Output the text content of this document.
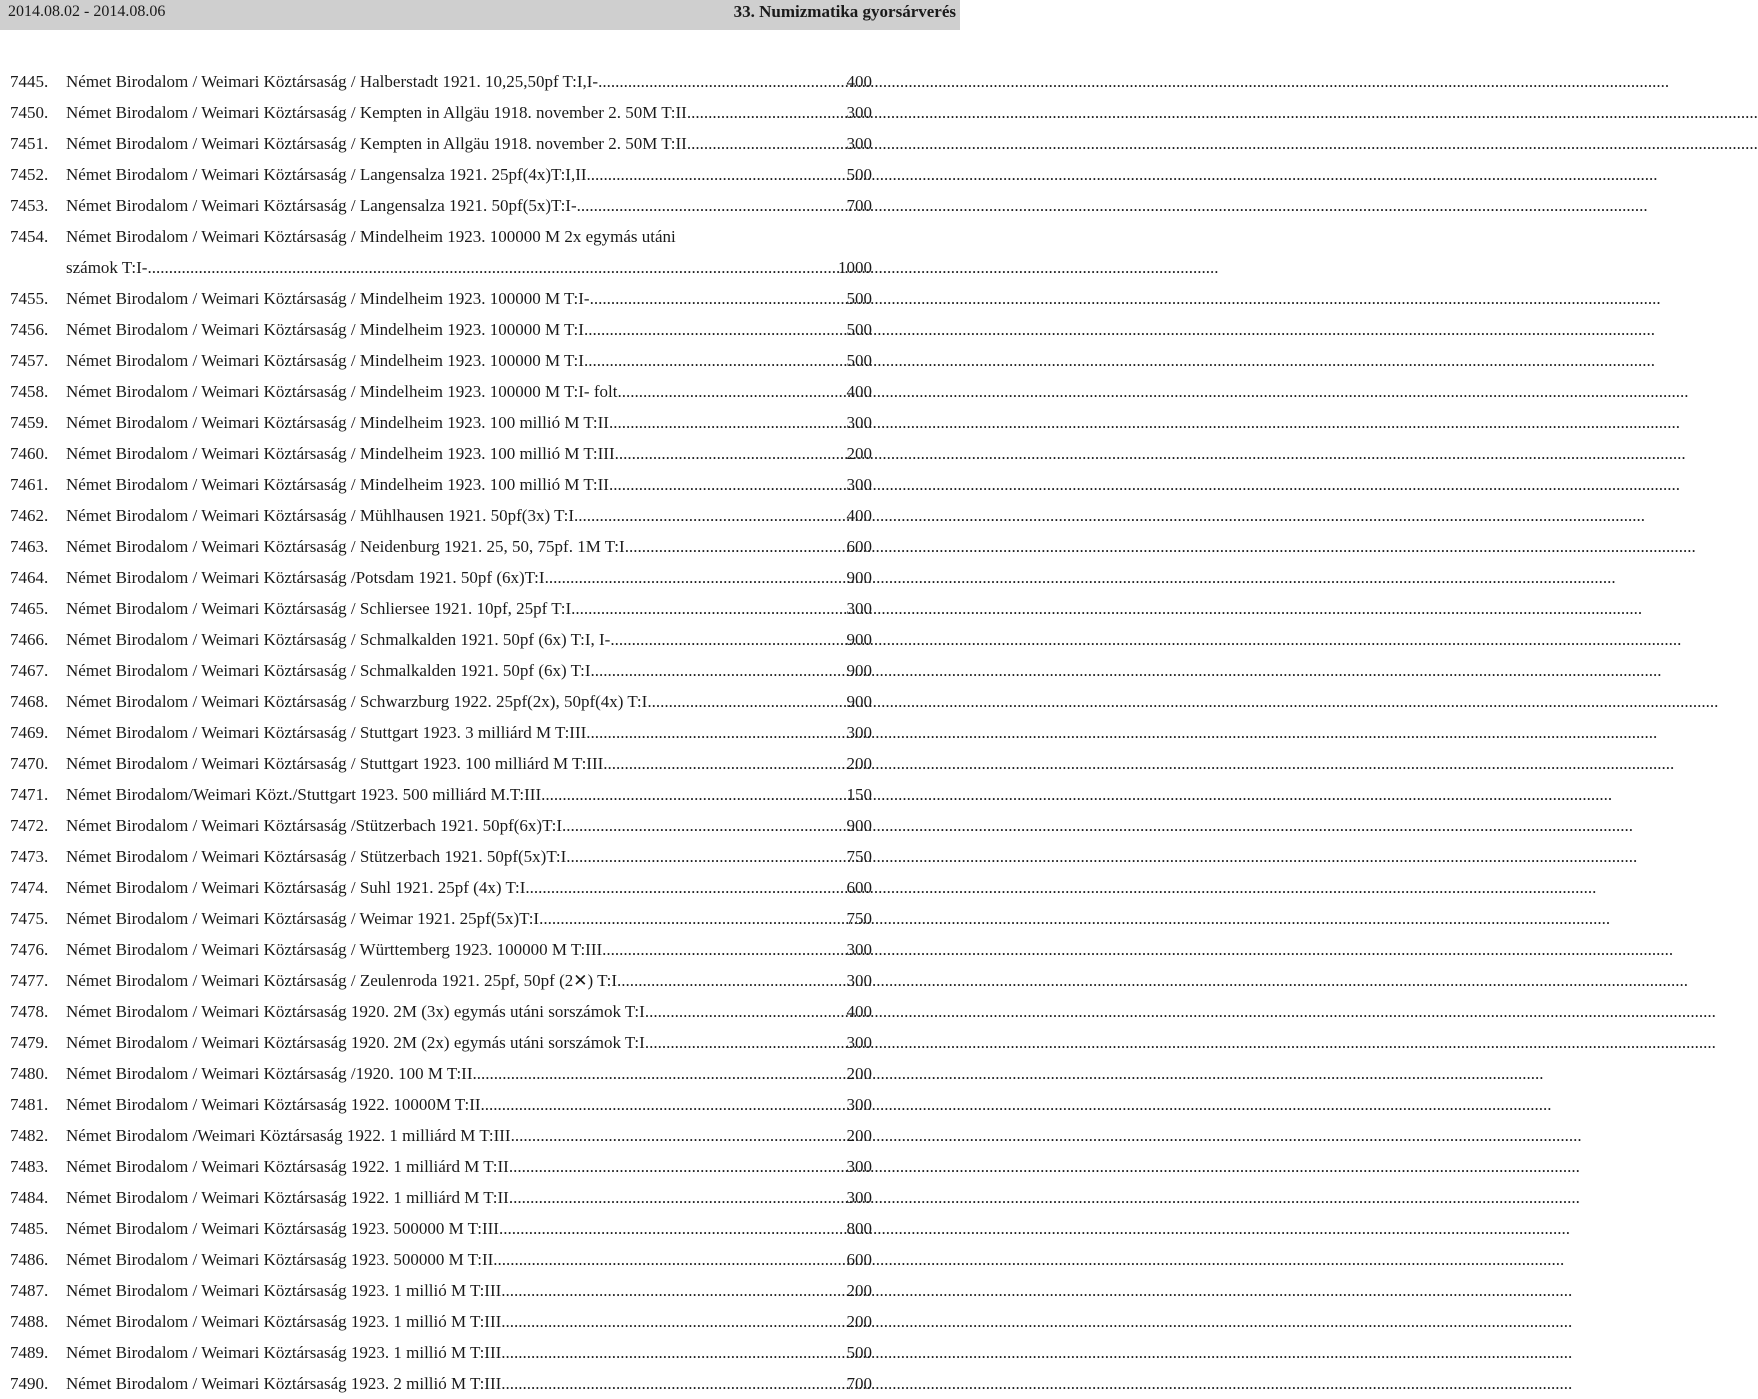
2014.08.02 - 2014.08.06	33. Numizmatika gyorsárverés
7445.	Német Birodalom / Weimari Köztársaság / Halberstadt 1921. 10,25,50pf T:I,I- .....	400
7450.	Német Birodalom / Weimari Köztársaság / Kempten in Allgäu 1918. november 2. 50M T:II .....	300
7451.	Német Birodalom / Weimari Köztársaság / Kempten in Allgäu 1918. november 2. 50M T:II .....	300
7452.	Német Birodalom / Weimari Köztársaság / Langensalza 1921. 25pf(4x)T:I,II .....	500
7453.	Német Birodalom / Weimari Köztársaság / Langensalza 1921. 50pf(5x)T:I- .....	700
7454.	Német Birodalom / Weimari Köztársaság / Mindelheim 1923. 100000 M 2x egymás utáni
számok T:I- .....	1000
7455.	Német Birodalom / Weimari Köztársaság / Mindelheim 1923. 100000 M T:I- .....	500
7456.	Német Birodalom / Weimari Köztársaság / Mindelheim 1923. 100000 M T:I .....	500
7457.	Német Birodalom / Weimari Köztársaság / Mindelheim 1923. 100000 M T:I .....	500
7458.	Német Birodalom / Weimari Köztársaság / Mindelheim 1923. 100000 M T:I- folt .....	400
7459.	Német Birodalom / Weimari Köztársaság / Mindelheim 1923. 100 millió M T:II .....	300
7460.	Német Birodalom / Weimari Köztársaság / Mindelheim 1923. 100 millió M T:III .....	200
7461.	Német Birodalom / Weimari Köztársaság / Mindelheim 1923. 100 millió M T:II .....	300
7462.	Német Birodalom / Weimari Köztársaság / Mühlhausen 1921. 50pf(3x) T:I .....	400
7463.	Német Birodalom / Weimari Köztársaság / Neidenburg 1921. 25, 50, 75pf. 1M T:I .....	600
7464.	Német Birodalom / Weimari Köztársaság /Potsdam 1921. 50pf (6x)T:I .....	900
7465.	Német Birodalom / Weimari Köztársaság / Schliersee 1921. 10pf, 25pf T:I .....	300
7466.	Német Birodalom / Weimari Köztársaság / Schmalkalden 1921. 50pf (6x) T:I, I- .....	900
7467.	Német Birodalom / Weimari Köztársaság / Schmalkalden 1921. 50pf (6x) T:I .....	900
7468.	Német Birodalom / Weimari Köztársaság / Schwarzburg 1922. 25pf(2x), 50pf(4x) T:I .....	900
7469.	Német Birodalom / Weimari Köztársaság / Stuttgart 1923. 3 milliárd M T:III .....	300
7470.	Német Birodalom / Weimari Köztársaság / Stuttgart 1923. 100 milliárd M T:III .....	200
7471.	Német Birodalom/Weimari Közt./Stuttgart 1923. 500 milliárd M.T:III .....	150
7472.	Német Birodalom / Weimari Köztársaság /Stützerbach 1921. 50pf(6x)T:I .....	900
7473.	Német Birodalom / Weimari Köztársaság / Stützerbach 1921. 50pf(5x)T:I .....	750
7474.	Német Birodalom / Weimari Köztársaság / Suhl 1921. 25pf (4x) T:I .....	600
7475.	Német Birodalom / Weimari Köztársaság / Weimar 1921. 25pf(5x)T:I .....	750
7476.	Német Birodalom / Weimari Köztársaság / Württemberg 1923. 100000 M T:III .....	300
7477.	Német Birodalom / Weimari Köztársaság / Zeulenroda 1921. 25pf, 50pf (2✕) T:I .....	300
7478.	Német Birodalom / Weimari Köztársaság 1920. 2M (3x) egymás utáni sorszámok T:I .....	400
7479.	Német Birodalom / Weimari Köztársaság 1920. 2M (2x) egymás utáni sorszámok T:I .....	300
7480.	Német Birodalom / Weimari Köztársaság /1920. 100 M T:II .....	200
7481.	Német Birodalom / Weimari Köztársaság 1922. 10000M T:II .....	300
7482.	Német Birodalom /Weimari Köztársaság 1922. 1 milliárd M T:III .....	200
7483.	Német Birodalom / Weimari Köztársaság 1922. 1 milliárd M T:II .....	300
7484.	Német Birodalom / Weimari Köztársaság 1922. 1 milliárd M T:II .....	300
7485.	Német Birodalom / Weimari Köztársaság 1923. 500000 M T:III .....	800
7486.	Német Birodalom / Weimari Köztársaság 1923. 500000 M T:II .....	600
7487.	Német Birodalom / Weimari Köztársaság 1923. 1 millió M T:III .....	200
7488.	Német Birodalom / Weimari Köztársaság 1923. 1 millió M T:III .....	200
7489.	Német Birodalom / Weimari Köztársaság 1923. 1 millió M T:III .....	500
7490.	Német Birodalom / Weimari Köztársaság 1923. 2 millió M T:III .....	700
